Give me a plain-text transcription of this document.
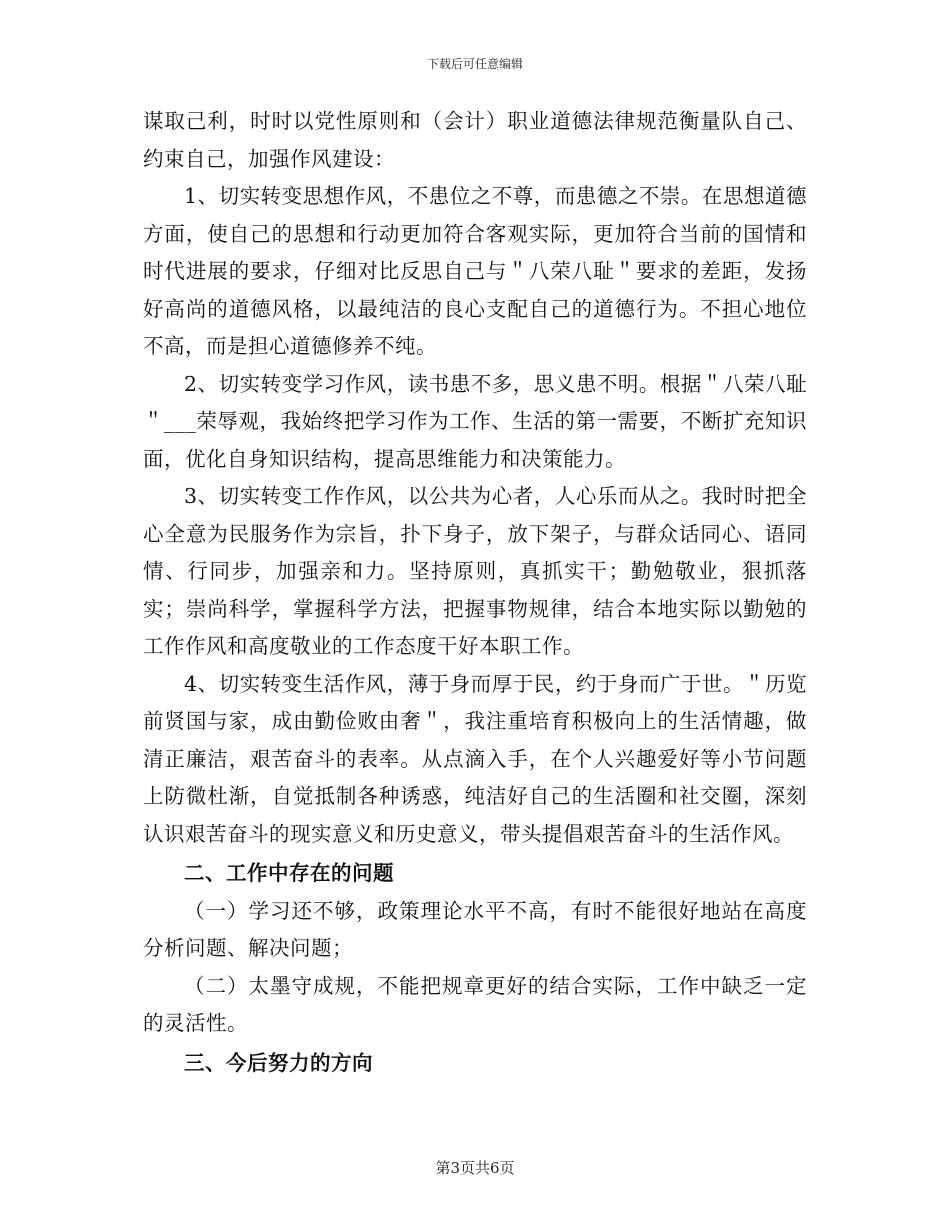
下载后可任意编辑

谋取己利，时时以党性原则和（会计）职业道德法律规范衡量队自己、约束自己，加强作风建设：

1、切实转变思想作风，不患位之不尊，而患德之不崇。在思想道德方面，使自己的思想和行动更加符合客观实际，更加符合当前的国情和时代进展的要求，仔细对比反思自己与＂八荣八耻＂要求的差距，发扬好高尚的道德风格，以最纯洁的良心支配自己的道德行为。不担心地位不高，而是担心道德修养不纯。

2、切实转变学习作风，读书患不多，思义患不明。根据＂八荣八耻＂___荣辱观，我始终把学习作为工作、生活的第一需要，不断扩充知识面，优化自身知识结构，提高思维能力和决策能力。

3、切实转变工作作风，以公共为心者，人心乐而从之。我时时把全心全意为民服务作为宗旨，扑下身子，放下架子，与群众话同心、语同情、行同步，加强亲和力。坚持原则，真抓实干；勤勉敬业，狠抓落实；崇尚科学，掌握科学方法，把握事物规律，结合本地实际以勤勉的工作作风和高度敬业的工作态度干好本职工作。

4、切实转变生活作风，薄于身而厚于民，约于身而广于世。＂历览前贤国与家，成由勤俭败由奢＂，我注重培育积极向上的生活情趣，做清正廉洁，艰苦奋斗的表率。从点滴入手，在个人兴趣爱好等小节问题上防微杜渐，自觉抵制各种诱惑，纯洁好自己的生活圈和社交圈，深刻认识艰苦奋斗的现实意义和历史意义，带头提倡艰苦奋斗的生活作风。

二、工作中存在的问题

（一）学习还不够，政策理论水平不高，有时不能很好地站在高度分析问题、解决问题；

（二）太墨守成规，不能把规章更好的结合实际，工作中缺乏一定的灵活性。

三、今后努力的方向

第3页共6页
